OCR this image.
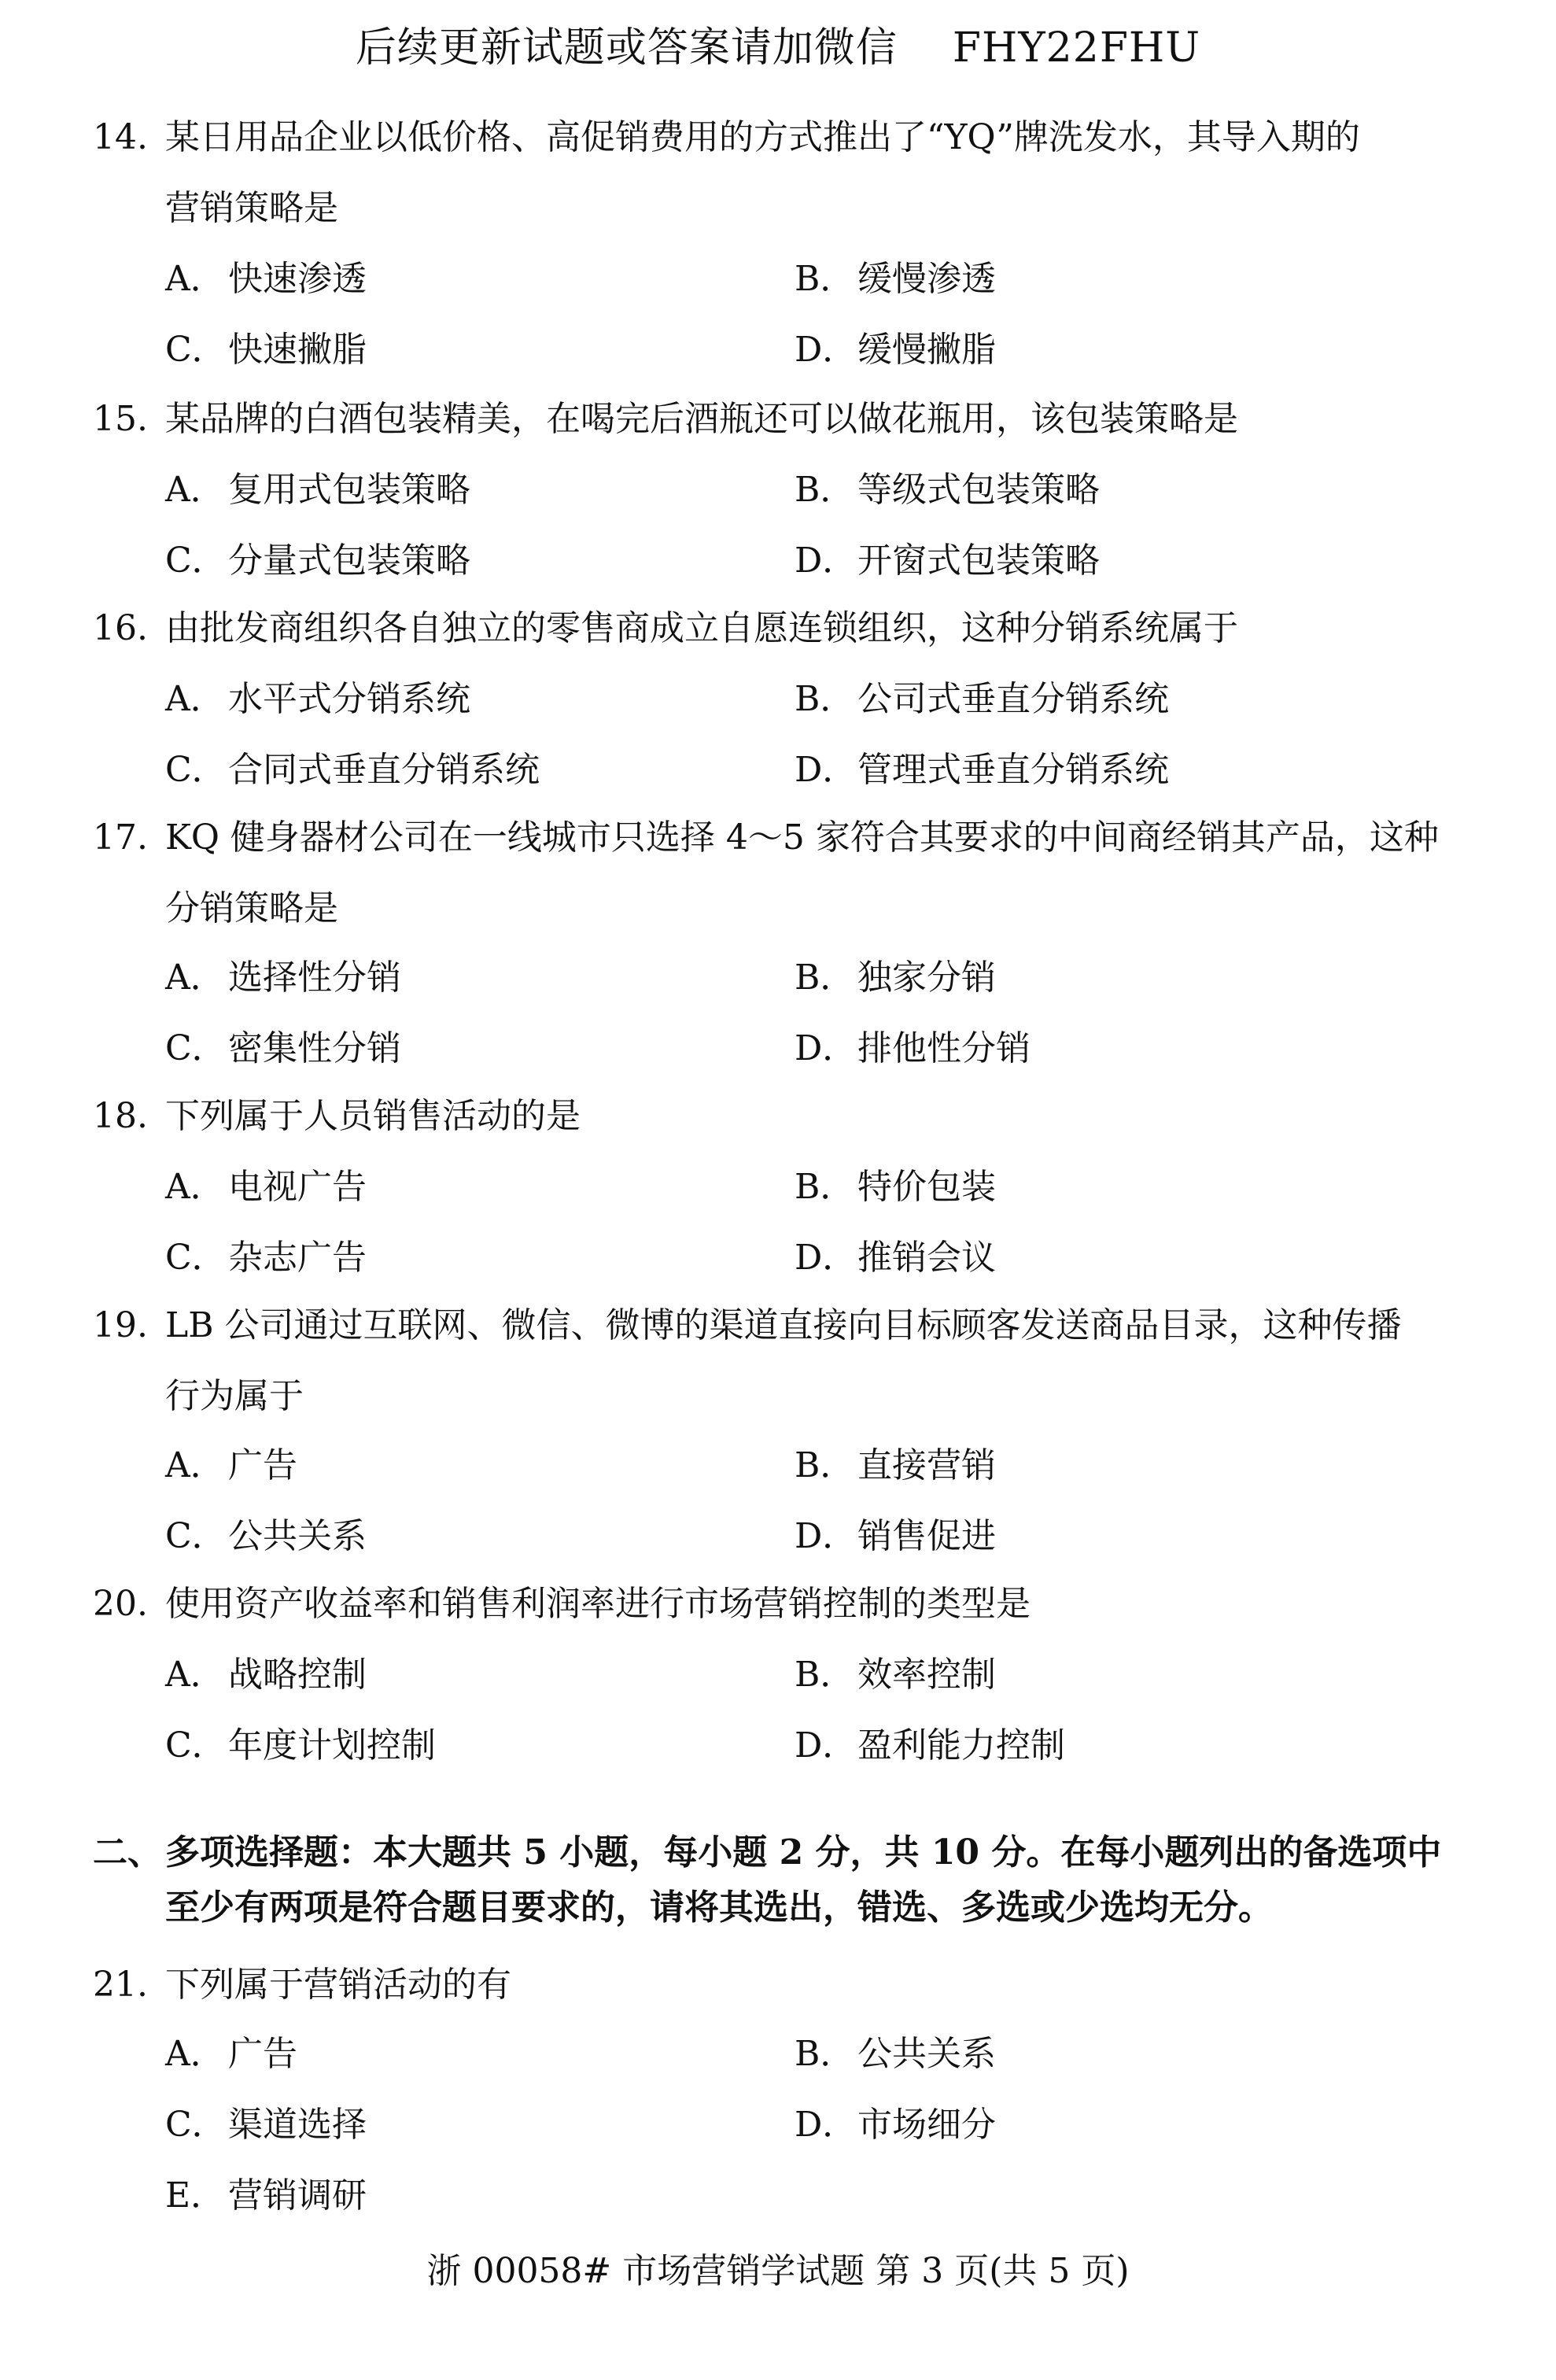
后续更新试题或答案请加微信 FHY22FHU
14. 某日用品企业以低价格、高促销费用的方式推出了“YQ”牌洗发水，其导入期的
营销策略是
A．快速渗透	B．缓慢渗透
C．快速撇脂	D．缓慢撇脂
15. 某品牌的白酒包装精美，在喝完后酒瓶还可以做花瓶用，该包装策略是
A．复用式包装策略	B．等级式包装策略
C．分量式包装策略	D．开窗式包装策略
16. 由批发商组织各自独立的零售商成立自愿连锁组织，这种分销系统属于
A．水平式分销系统	B．公司式垂直分销系统
C．合同式垂直分销系统	D．管理式垂直分销系统
17. KQ 健身器材公司在一线城市只选择 4～5 家符合其要求的中间商经销其产品，这种
分销策略是
A．选择性分销	B．独家分销
C．密集性分销	D．排他性分销
18. 下列属于人员销售活动的是
A．电视广告	B．特价包装
C．杂志广告	D．推销会议
19. LB 公司通过互联网、微信、微博的渠道直接向目标顾客发送商品目录，这种传播
行为属于
A．广告	B．直接营销
C．公共关系	D．销售促进
20. 使用资产收益率和销售利润率进行市场营销控制的类型是
A．战略控制	B．效率控制
C．年度计划控制	D．盈利能力控制
二、多项选择题：本大题共 5 小题，每小题 2 分，共 10 分。在每小题列出的备选项中
至少有两项是符合题目要求的，请将其选出，错选、多选或少选均无分。
21. 下列属于营销活动的有
A．广告	B．公共关系
C．渠道选择	D．市场细分
E．营销调研
浙 00058# 市场营销学试题 第 3 页(共 5 页)
